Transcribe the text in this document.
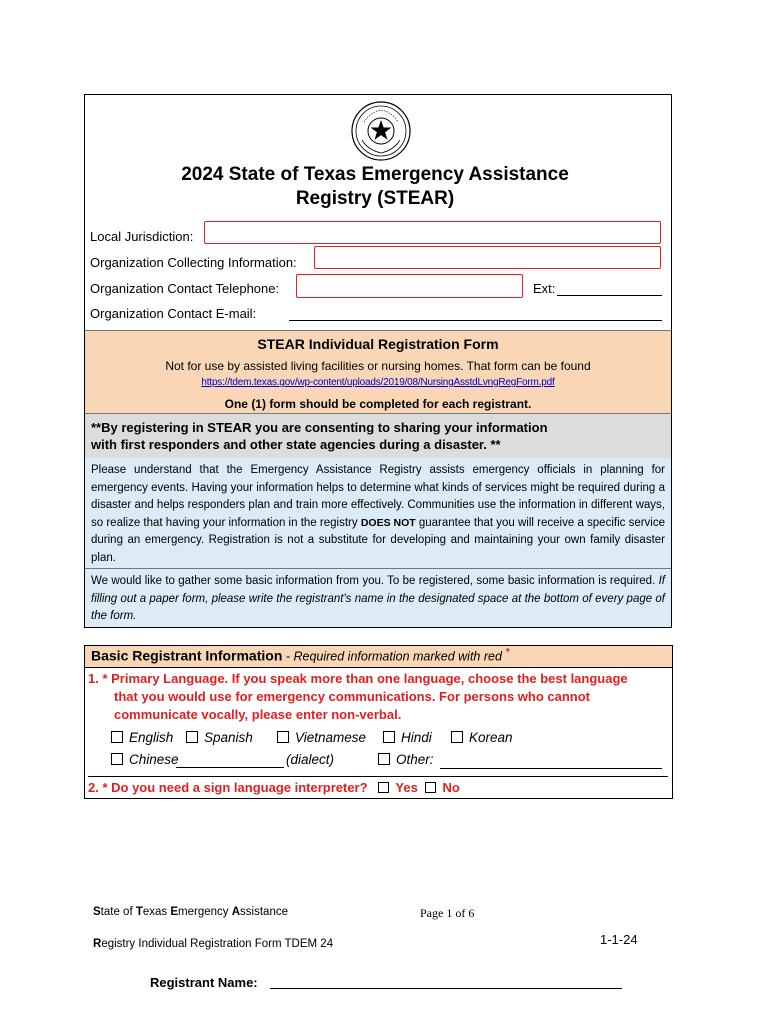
2024 State of Texas Emergency Assistance
Registry (STEAR)
Local Jurisdiction:
Organization Collecting Information:
Organization Contact Telephone:	Ext:
Organization Contact E-mail:
STEAR Individual Registration Form
Not for use by assisted living facilities or nursing homes. That form can be found
https://tdem.texas.gov/wp-content/uploads/2019/08/NursingAsstdLvngRegForm.pdf
One (1) form should be completed for each registrant.
**By registering in STEAR you are consenting to sharing your information
with first responders and other state agencies during a disaster. **
Please understand that the Emergency Assistance Registry assists emergency officials in planning for emergency events. Having your information helps to determine what kinds of services might be required during a disaster and helps responders plan and train more effectively. Communities use the information in different ways, so realize that having your information in the registry DOES NOT guarantee that you will receive a specific service during an emergency. Registration is not a substitute for developing and maintaining your own family disaster plan.
We would like to gather some basic information from you. To be registered, some basic information is required. If filling out a paper form, please write the registrant's name in the designated space at the bottom of every page of the form.
Basic Registrant Information - Required information marked with red *
1. * Primary Language. If you speak more than one language, choose the best language
that you would use for emergency communications. For persons who cannot
communicate vocally, please enter non-verbal.
English	Spanish	Vietnamese	Hindi	Korean
Chinese	(dialect)	Other:
2. * Do you need a sign language interpreter? Yes No
State of Texas Emergency Assistance
Registry Individual Registration Form TDEM 24
Page 1 of 6
1-1-24
Registrant Name:
